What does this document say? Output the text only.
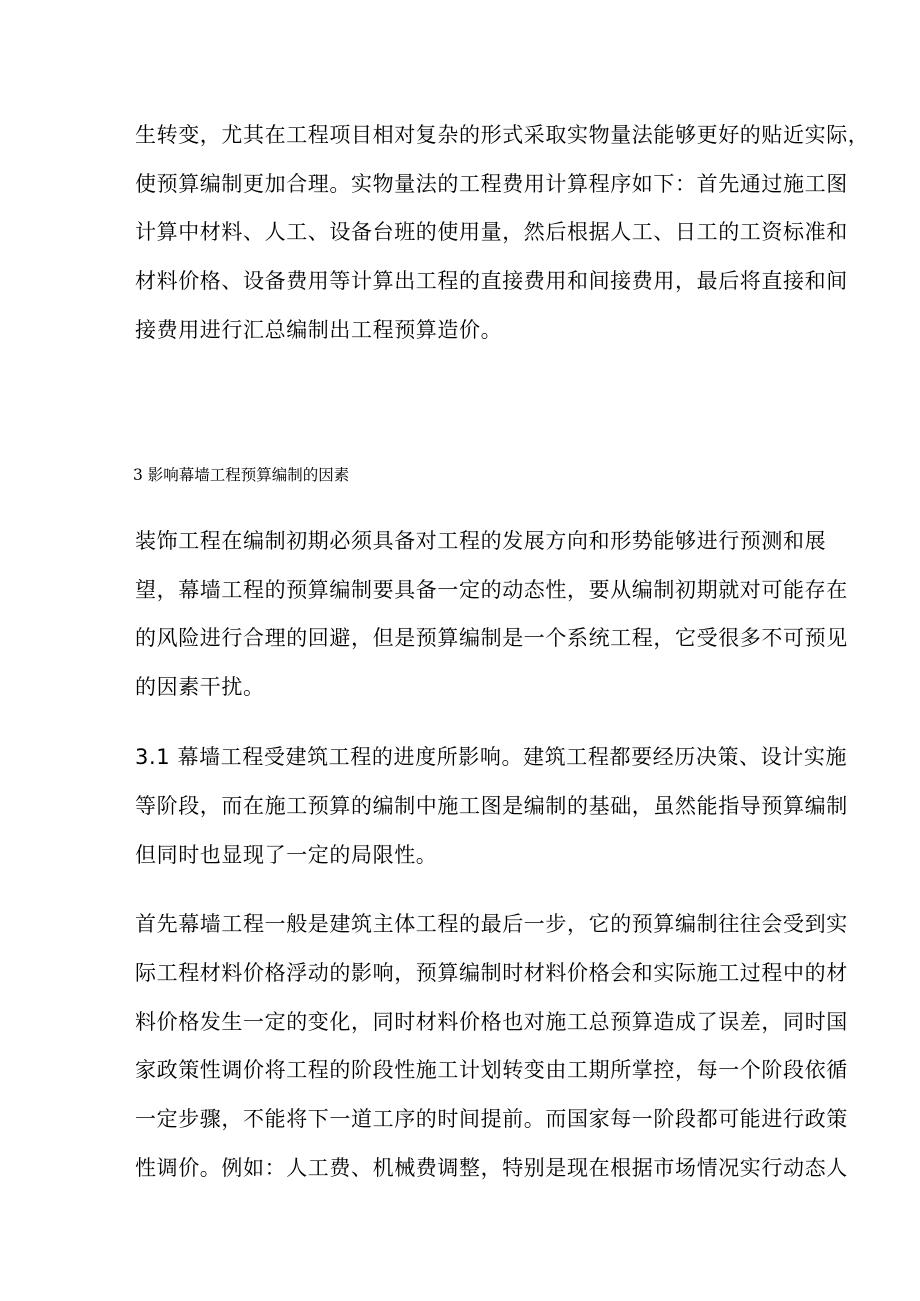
生转变，尤其在工程项目相对复杂的形式采取实物量法能够更好的贴近实际，
使预算编制更加合理。实物量法的工程费用计算程序如下：首先通过施工图
计算中材料、人工、设备台班的使用量，然后根据人工、日工的工资标准和
材料价格、设备费用等计算出工程的直接费用和间接费用，最后将直接和间
接费用进行汇总编制出工程预算造价。
3 影响幕墙工程预算编制的因素
装饰工程在编制初期必须具备对工程的发展方向和形势能够进行预测和展
望，幕墙工程的预算编制要具备一定的动态性，要从编制初期就对可能存在
的风险进行合理的回避，但是预算编制是一个系统工程，它受很多不可预见
的因素干扰。
3.1 幕墙工程受建筑工程的进度所影响。建筑工程都要经历决策、设计实施
等阶段，而在施工预算的编制中施工图是编制的基础，虽然能指导预算编制
但同时也显现了一定的局限性。
首先幕墙工程一般是建筑主体工程的最后一步，它的预算编制往往会受到实
际工程材料价格浮动的影响，预算编制时材料价格会和实际施工过程中的材
料价格发生一定的变化，同时材料价格也对施工总预算造成了误差，同时国
家政策性调价将工程的阶段性施工计划转变由工期所掌控，每一个阶段依循
一定步骤，不能将下一道工序的时间提前。而国家每一阶段都可能进行政策
性调价。例如：人工费、机械费调整，特别是现在根据市场情况实行动态人
